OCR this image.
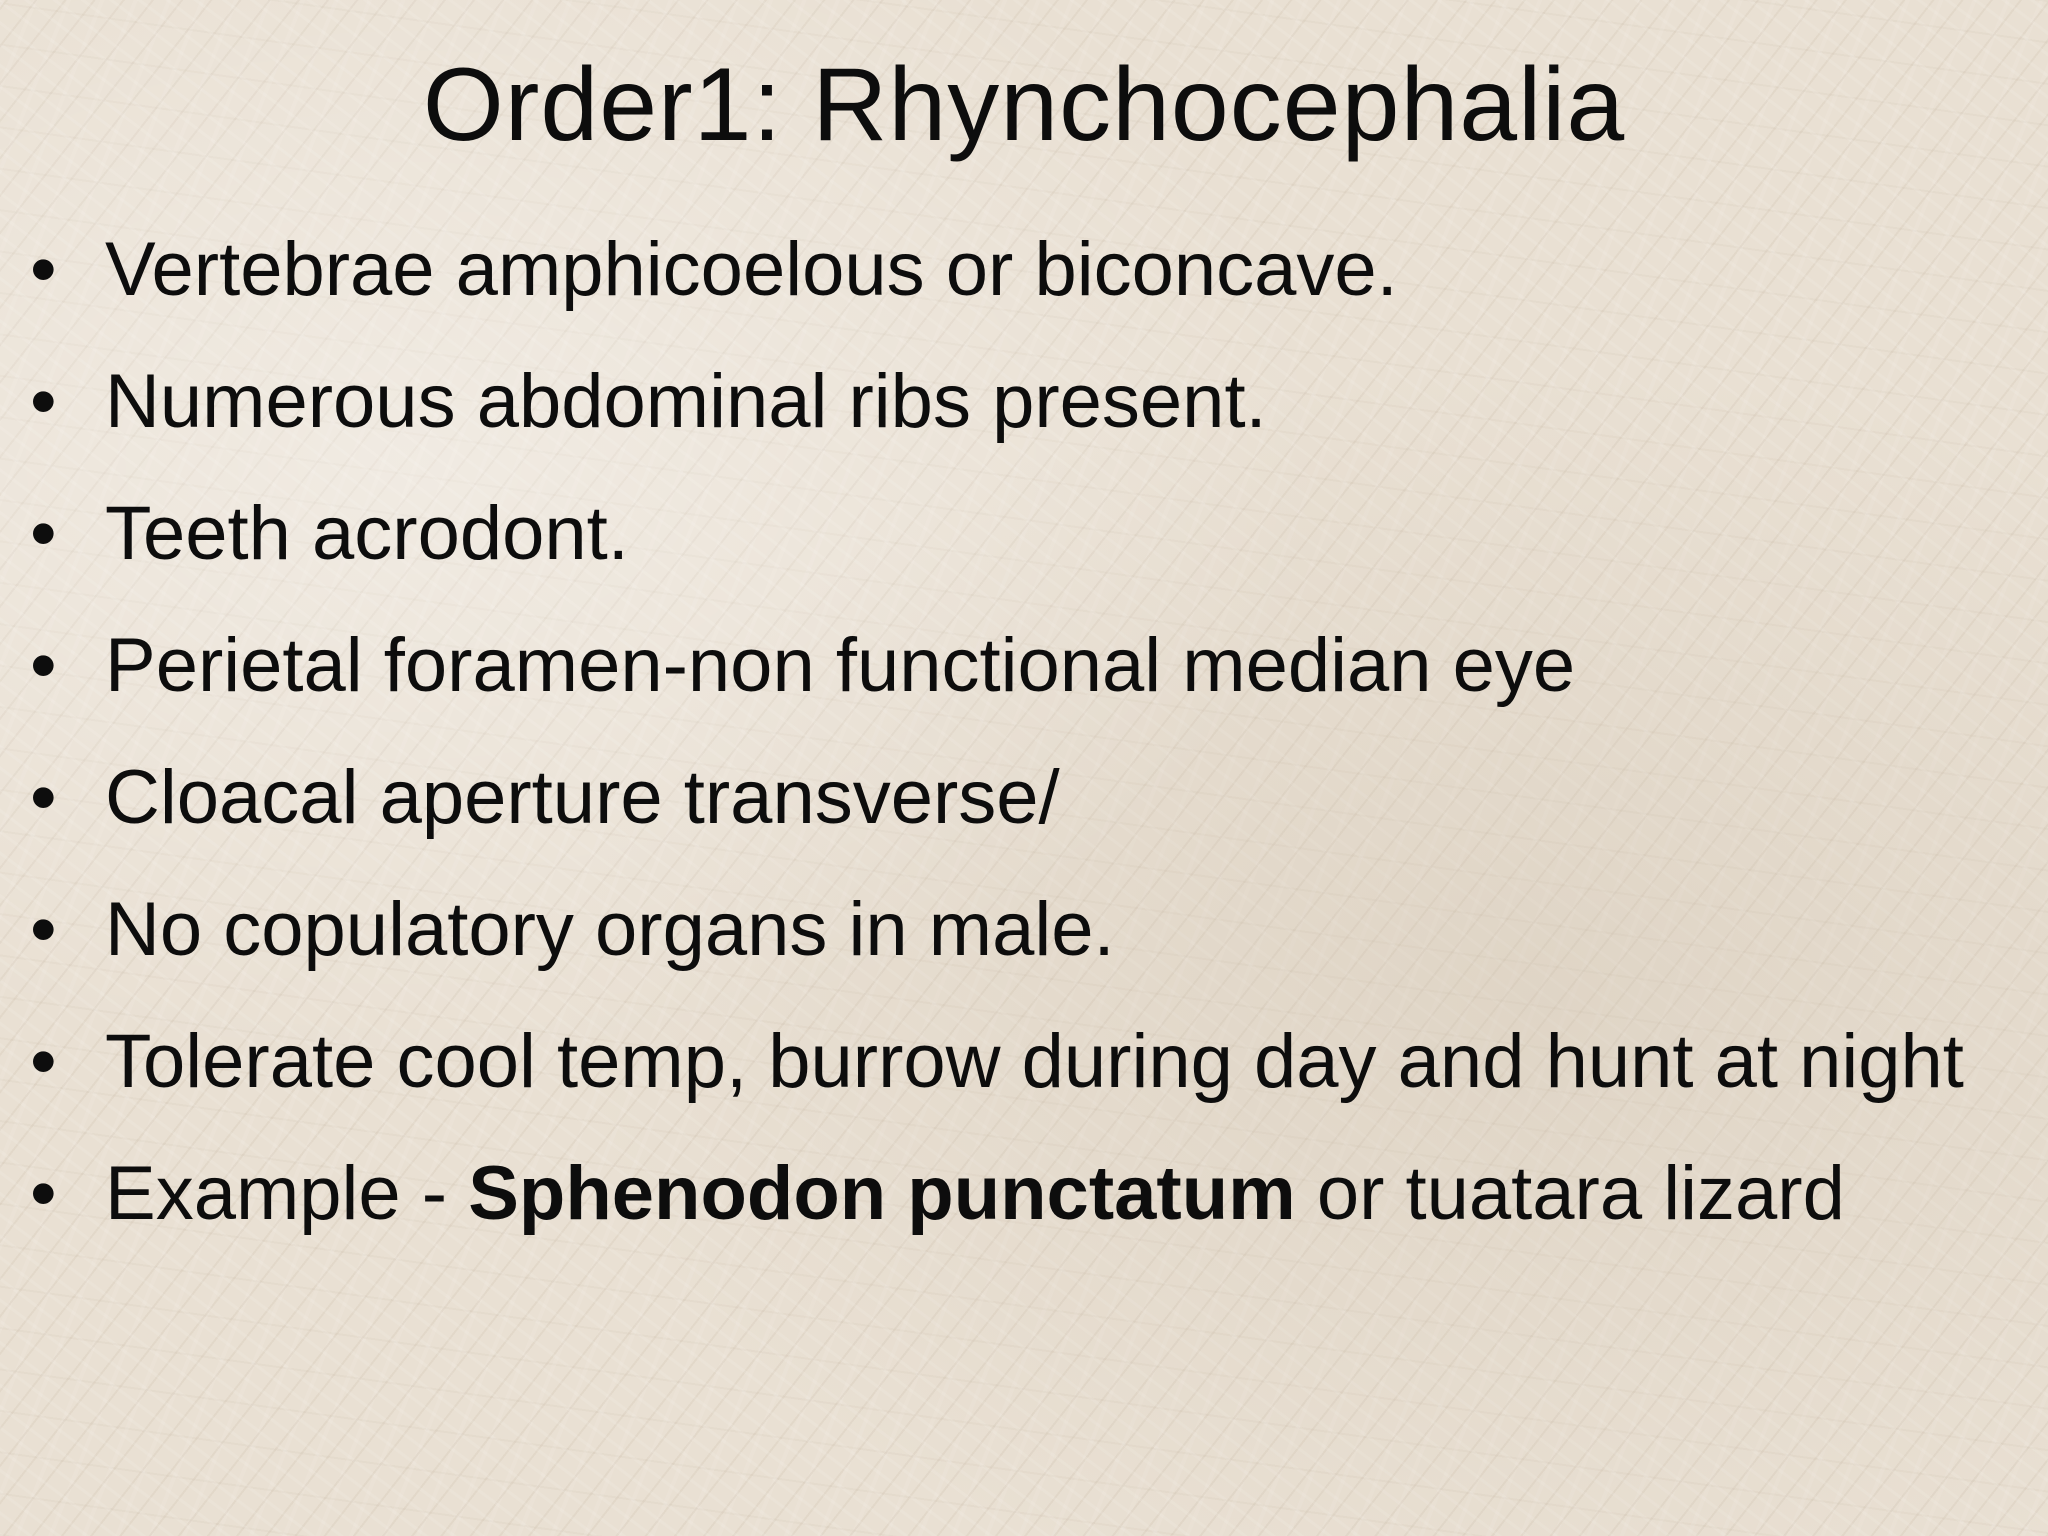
Order1: Rhynchocephalia
• Vertebrae amphicoelous or biconcave.
• Numerous abdominal ribs present.
• Teeth acrodont.
• Perietal foramen-non functional median eye
• Cloacal aperture transverse/
• No copulatory organs in male.
• Tolerate cool temp, burrow during day and hunt at night
• Example - Sphenodon punctatum or tuatara lizard
